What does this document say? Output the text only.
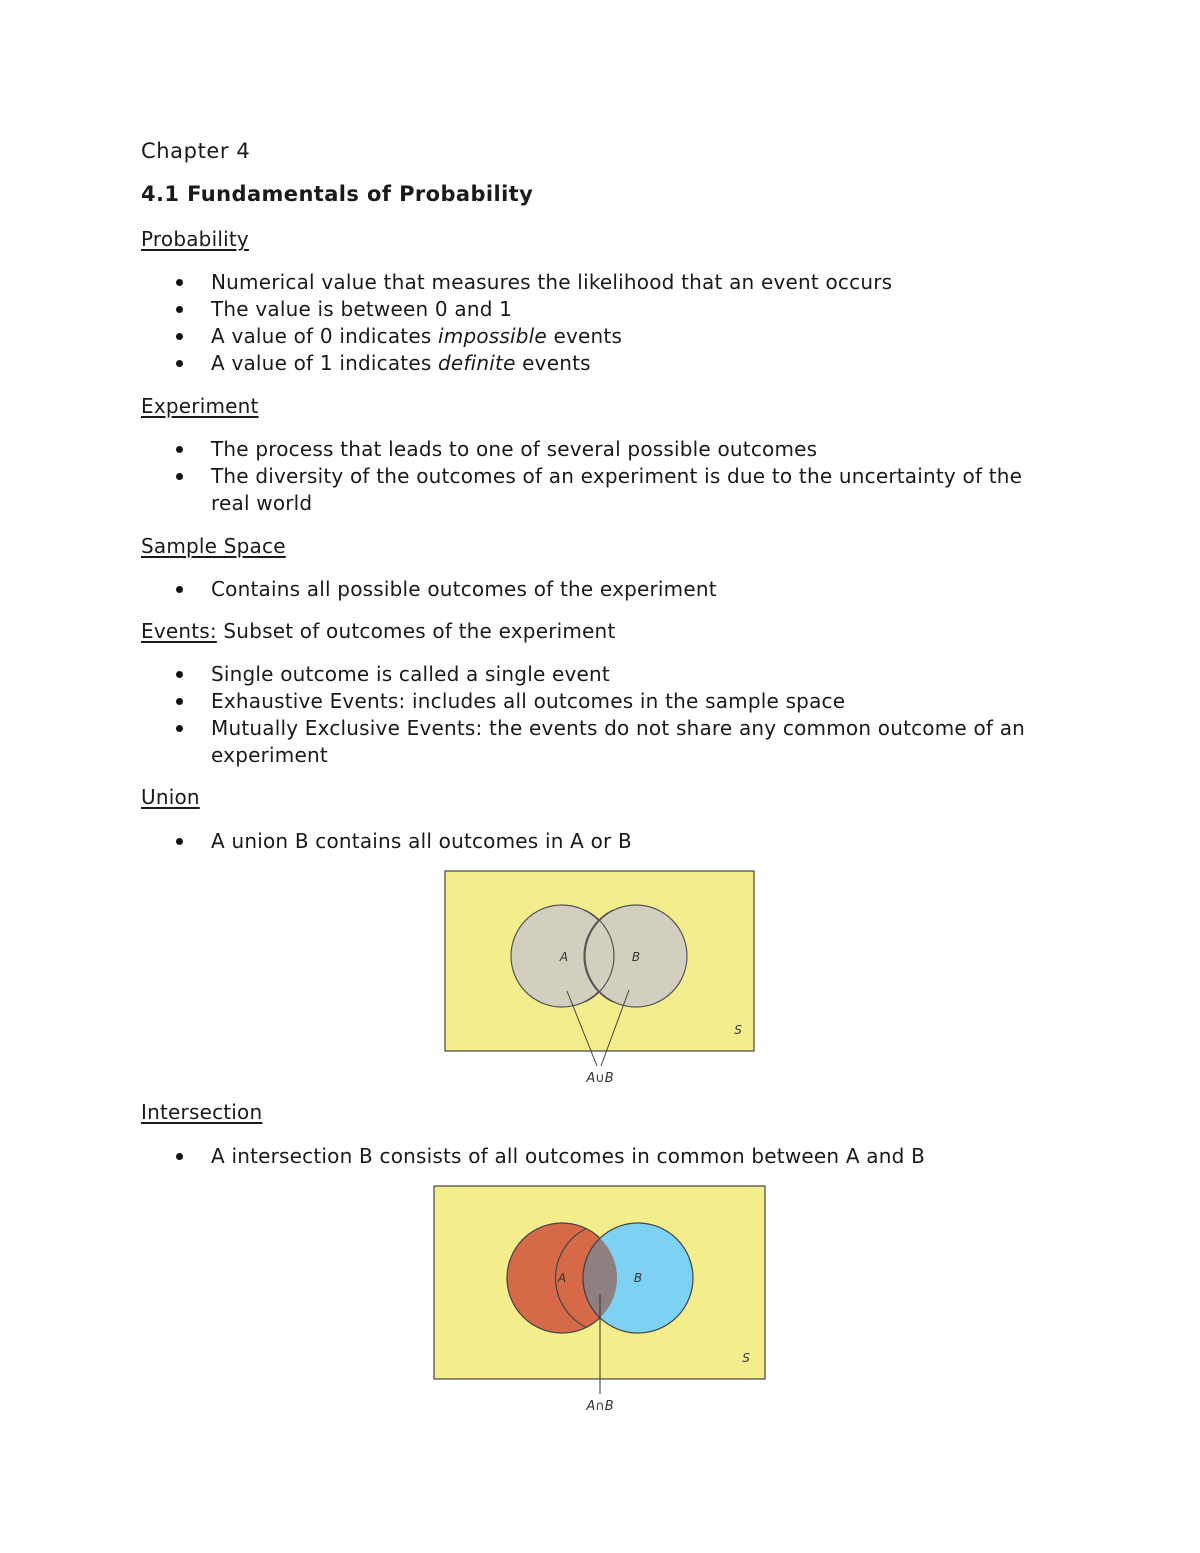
Chapter 4

4.1 Fundamentals of Probability

Probability

Numerical value that measures the likelihood that an event occurs
The value is between 0 and 1
A value of 0 indicates impossible events
A value of 1 indicates definite events

Experiment

The process that leads to one of several possible outcomes
The diversity of the outcomes of an experiment is due to the uncertainty of the real world

Sample Space

Contains all possible outcomes of the experiment

Events: Subset of outcomes of the experiment

Single outcome is called a single event
Exhaustive Events: includes all outcomes in the sample space
Mutually Exclusive Events: the events do not share any common outcome of an experiment

Union

A union B contains all outcomes in A or B
A	B
S
A∪B

Intersection

A intersection B consists of all outcomes in common between A and B
A	B
S
A∩B
